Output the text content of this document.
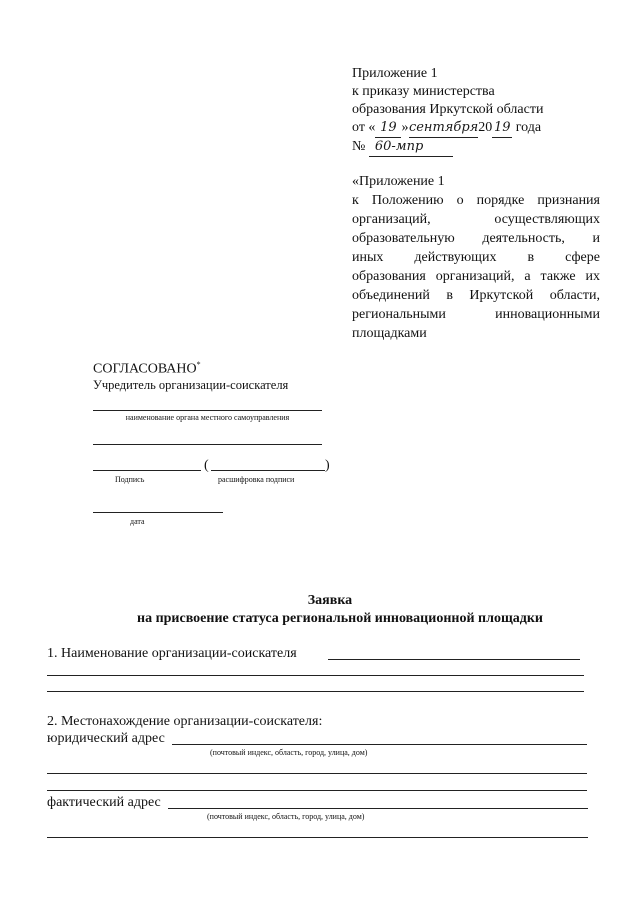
Приложение 1
к приказу министерства
образования Иркутской области
от « 19 » сентября20 19 года
№ 60-мпр
«Приложение 1
к Положению о порядке признания
организаций, осуществляющих
образовательную деятельность, и
иных действующих в сфере
образования организаций, а также их
объединений в Иркутской области,
региональными инновационными
площадками
СОГЛАСОВАНО*
Учредитель организации-соискателя
наименование органа местного самоуправления
(	)
Подпись	расшифровка подписи
дата
Заявка
на присвоение статуса региональной инновационной площадки
1. Наименование организации-соискателя
2. Местонахождение организации-соискателя:
юридический адрес
(почтовый индекс, область, город, улица, дом)
фактический адрес
(почтовый индекс, область, город, улица, дом)
